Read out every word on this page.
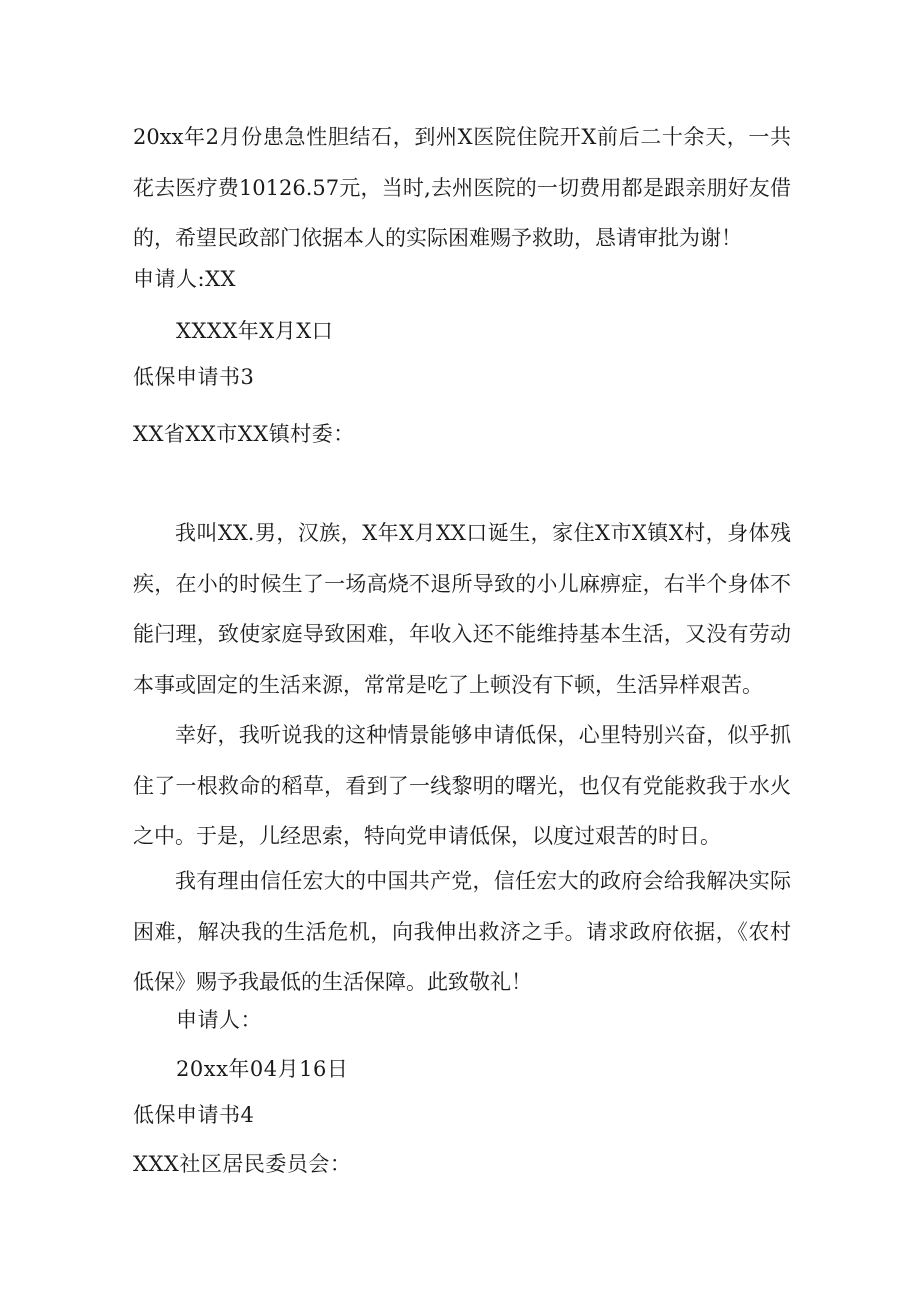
20xx年2月份患急性胆结石，到州X医院住院开X前后二十余天，一共花去医疗费10126.57元，当时,去州医院的一切费用都是跟亲朋好友借的，希望民政部门依据本人的实际困难赐予救助，恳请审批为谢！
申请人:XX
XXXX年X月X口
低保申请书3
XX省XX市XX镇村委：
我叫XX.男，汉族，X年X月XX口诞生，家住X市X镇X村，身体残疾，在小的时候生了一场高烧不退所导致的小儿麻痹症，右半个身体不能闩理，致使家庭导致困难，年收入还不能维持基本生活，又没有劳动本事或固定的生活来源，常常是吃了上顿没有下顿，生活异样艰苦。
幸好，我听说我的这种情景能够申请低保，心里特别兴奋，似乎抓住了一根救命的稻草，看到了一线黎明的曙光，也仅有党能救我于水火之中。于是，儿经思索，特向党申请低保，以度过艰苦的时日。
我有理由信任宏大的中国共产党，信任宏大的政府会给我解决实际困难，解决我的生活危机，向我伸出救济之手。请求政府依据，《农村低保》赐予我最低的生活保障。此致敬礼！
申请人：
20xx年04月16日
低保申请书4
XXX社区居民委员会：
